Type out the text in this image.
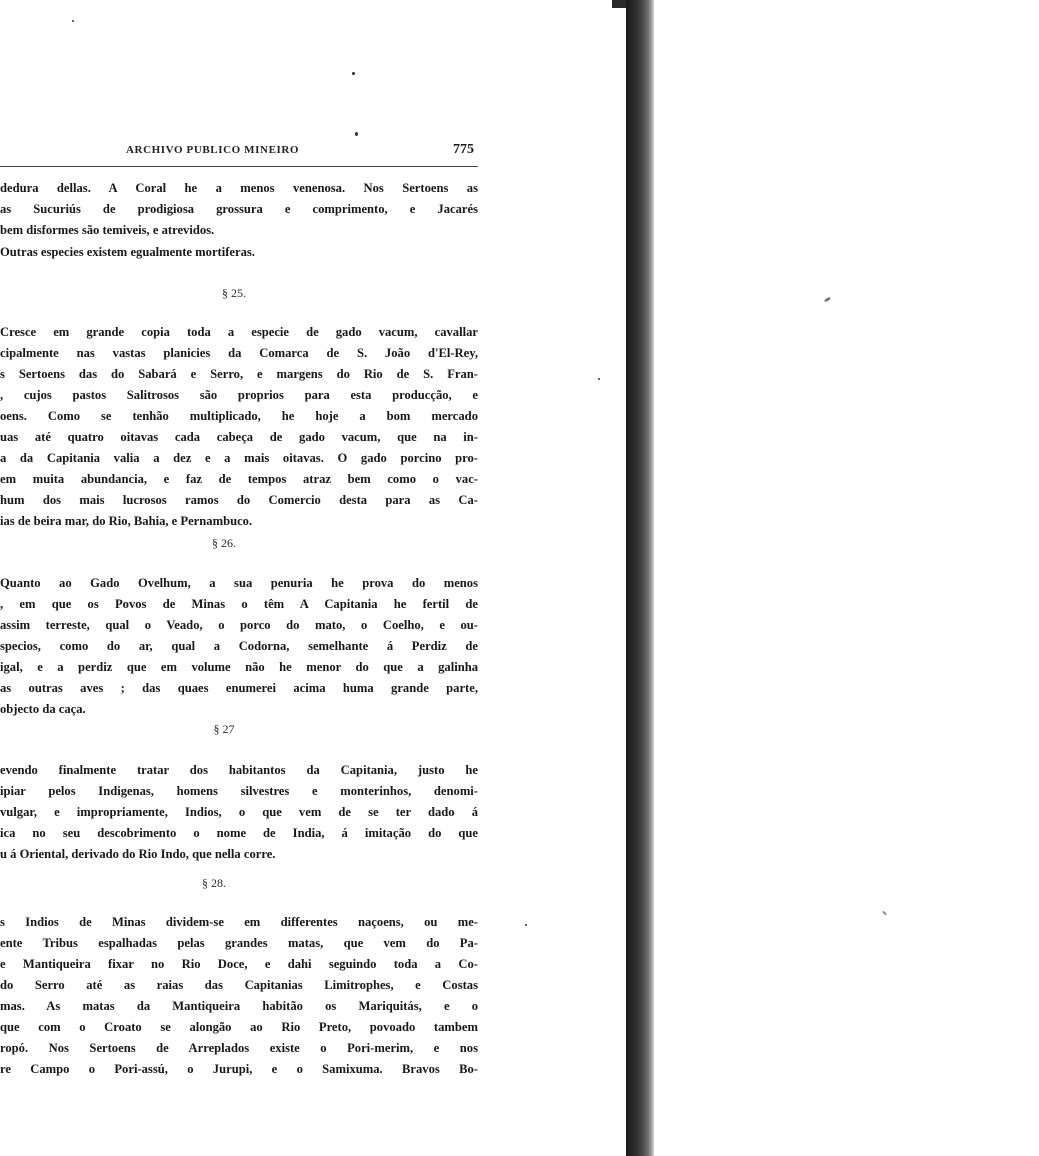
ARCHIVO PUBLICO MINEIRO	775
dedura dellas. A Coral he a menos venenosa. Nos Sertoens as
as Sucuriús de prodigiosa grossura e comprimento, e Jacarés
bem disformes são temiveis, e atrevidos.
Outras especies existem egualmente mortiferas.
§ 25.
Cresce em grande copia toda a especie de gado vacum, cavallar
cipalmente nas vastas planicies da Comarca de S. João d'El-Rey,
s Sertoens das do Sabará e Serro, e margens do Rio de S. Fran-
, cujos pastos Salitrosos são proprios para esta producção, e
oens. Como se tenhão multiplicado, he hoje a bom mercado
uas até quatro oitavas cada cabeça de gado vacum, que na in-
a da Capitania valia a dez e a mais oitavas. O gado porcino pro-
em muita abundancia, e faz de tempos atraz bem como o vac-
hum dos mais lucrosos ramos do Comercio desta para as Ca-
ias de beira mar, do Rio, Bahia, e Pernambuco.
§ 26.
Quanto ao Gado Ovelhum, a sua penuria he prova do menos
, em que os Povos de Minas o têm A Capitania he fertil de
assim terreste, qual o Veado, o porco do mato, o Coelho, e ou-
specios, como do ar, qual a Codorna, semelhante á Perdiz de
igal, e a perdiz que em volume não he menor do que a galinha
as outras aves ; das quaes enumerei acima huma grande parte,
objecto da caça.
§ 27
evendo finalmente tratar dos habitantos da Capitania, justo he
ipiar pelos Indigenas, homens silvestres e monterinhos, denomi-
vulgar, e impropriamente, Indios, o que vem de se ter dado á
ica no seu descobrimento o nome de India, á imitação do que
u á Oriental, derivado do Rio Indo, que nella corre.
§ 28.
s Indios de Minas dividem-se em differentes naçoens, ou me-
ente Tribus espalhadas pelas grandes matas, que vem do Pa-
e Mantiqueira fixar no Rio Doce, e dahi seguindo toda a Co-
do Serro até as raias das Capitanias Limitrophes, e Costas
mas. As matas da Mantiqueira habitão os Mariquitás, e o
que com o Croato se alongão ao Rio Preto, povoado tambem
ropó. Nos Sertoens de Arreplados existe o Pori-merim, e nos
re Campo o Pori-assú, o Jurupi, e o Samixuma. Bravos Bo-
